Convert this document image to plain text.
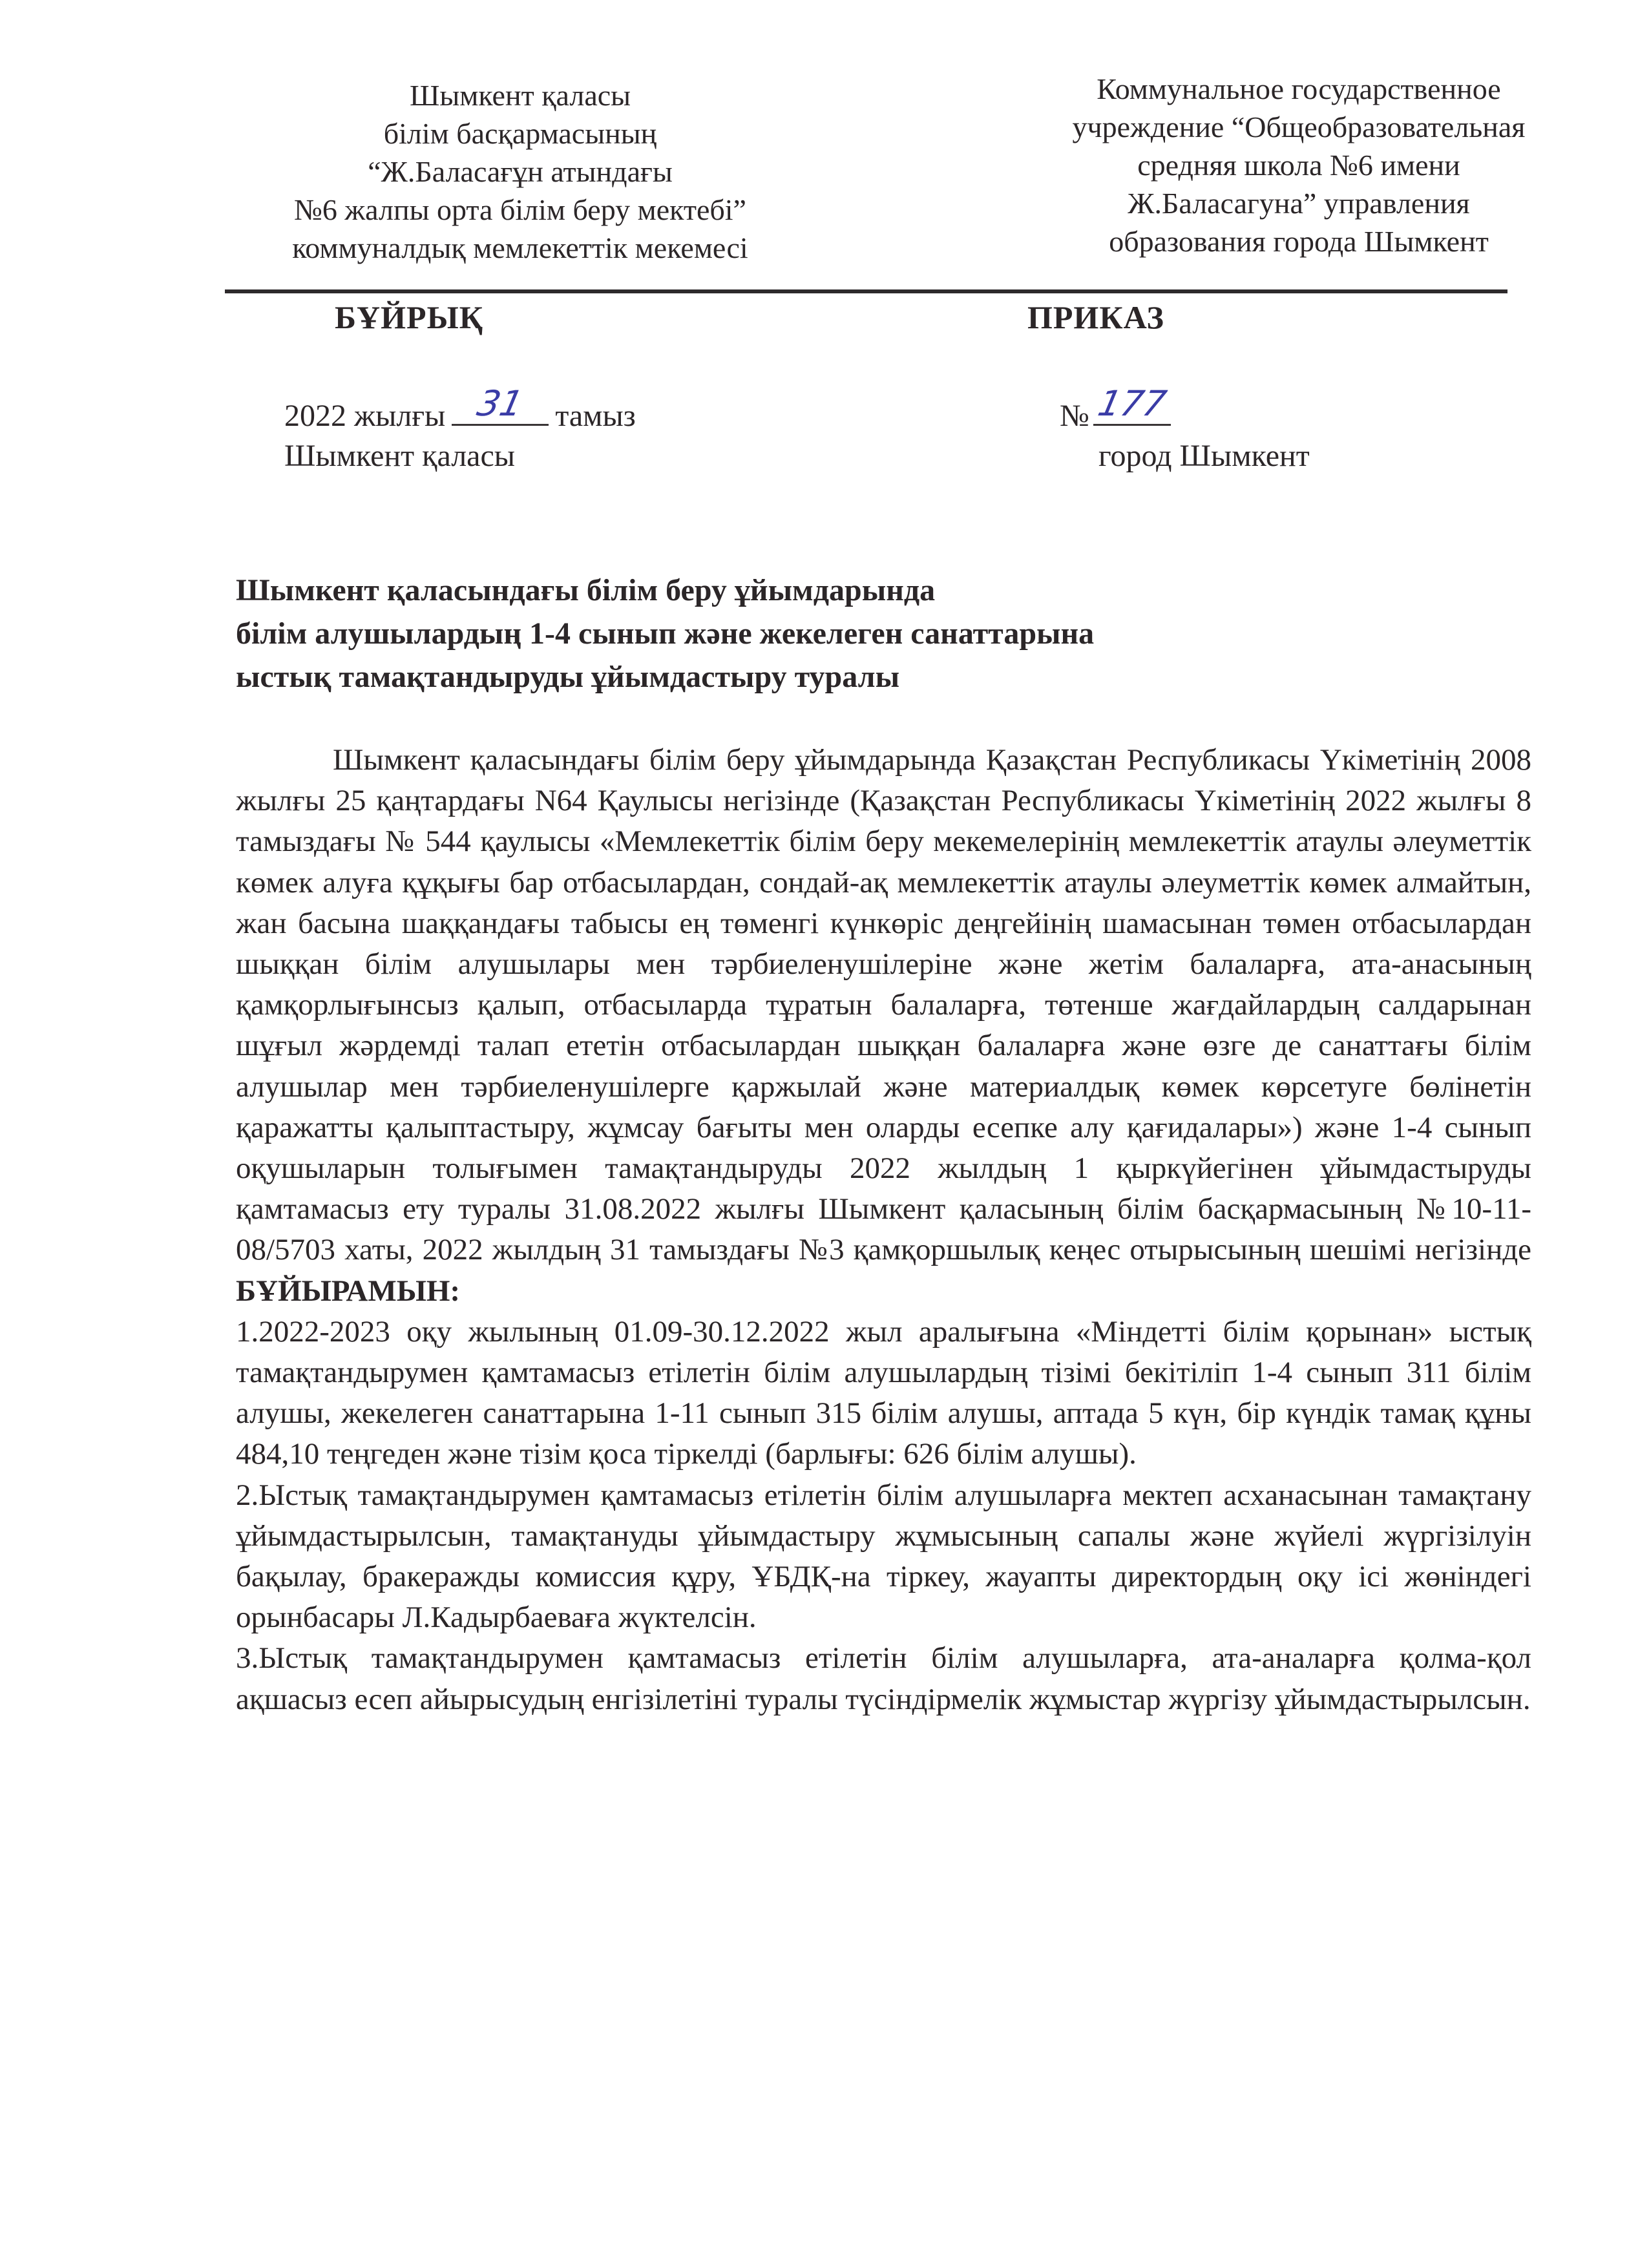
Шымкент қаласы
білім басқармасының
“Ж.Баласағұн атындағы
№6 жалпы орта білім беру мектебі”
коммуналдық мемлекеттік мекемесі
Коммунальное государственное
учреждение “Общеобразовательная
средняя школа №6 имени
Ж.Баласагуна” управления
образования города Шымкент
БҰЙРЫҚ	ПРИКАЗ
2022 жылғы 31 тамыз
Шымкент қаласы
№ 177
город Шымкент
Шымкент қаласындағы білім беру ұйымдарында
білім алушылардың 1-4 сынып және жекелеген санаттарына
ыстық тамақтандыруды ұйымдастыру туралы

Шымкент қаласындағы білім беру ұйымдарында Қазақстан Республикасы Үкіметінің 2008 жылғы 25 қаңтардағы N64 Қаулысы негізінде (Қазақстан Республикасы Үкіметінің 2022 жылғы 8 тамыздағы № 544 қаулысы «Мемлекеттік білім беру мекемелерінің мемлекеттік атаулы әлеуметтік көмек алуға құқығы бар отбасылардан, сондай-ақ мемлекеттік атаулы әлеуметтік көмек алмайтын, жан басына шаққандағы табысы ең төменгі күнкөріс деңгейінің шамасынан төмен отбасылардан шыққан білім алушылары мен тәрбиеленушілеріне және жетім балаларға, ата-анасының қамқорлығынсыз қалып, отбасыларда тұратын балаларға, төтенше жағдайлардың салдарынан шұғыл жәрдемді талап ететін отбасылардан шыққан балаларға және өзге де санаттағы білім алушылар мен тәрбиеленушілерге қаржылай және материалдық көмек көрсетуге бөлінетін қаражатты қалыптастыру, жұмсау бағыты мен оларды есепке алу қағидалары») және 1-4 сынып оқушыларын толығымен тамақтандыруды 2022 жылдың 1 қыркүйегінен ұйымдастыруды қамтамасыз ету туралы 31.08.2022 жылғы Шымкент қаласының білім басқармасының №10-11-08/5703 хаты, 2022 жылдың 31 тамыздағы №3 қамқоршылық кеңес отырысының шешімі негізінде БҰЙЫРАМЫН:

1.2022-2023 оқу жылының 01.09-30.12.2022 жыл аралығына «Міндетті білім қорынан» ыстық тамақтандырумен қамтамасыз етілетін білім алушылардың тізімі бекітіліп 1-4 сынып 311 білім алушы, жекелеген санаттарына 1-11 сынып 315 білім алушы, аптада 5 күн, бір күндік тамақ құны 484,10 теңгеден және тізім қоса тіркелді (барлығы: 626 білім алушы).

2.Ыстық тамақтандырумен қамтамасыз етілетін білім алушыларға мектеп асханасынан тамақтану ұйымдастырылсын, тамақтануды ұйымдастыру жұмысының сапалы және жүйелі жүргізілуін бақылау, бракеражды комиссия құру, ҰБДҚ-на тіркеу, жауапты директордың оқу ісі жөніндегі орынбасары Л.Кадырбаеваға жүктелсін.

3.Ыстық тамақтандырумен қамтамасыз етілетін білім алушыларға, ата-аналарға қолма-қол ақшасыз есеп айырысудың енгізілетіні туралы түсіндірмелік жұмыстар жүргізу ұйымдастырылсын.
